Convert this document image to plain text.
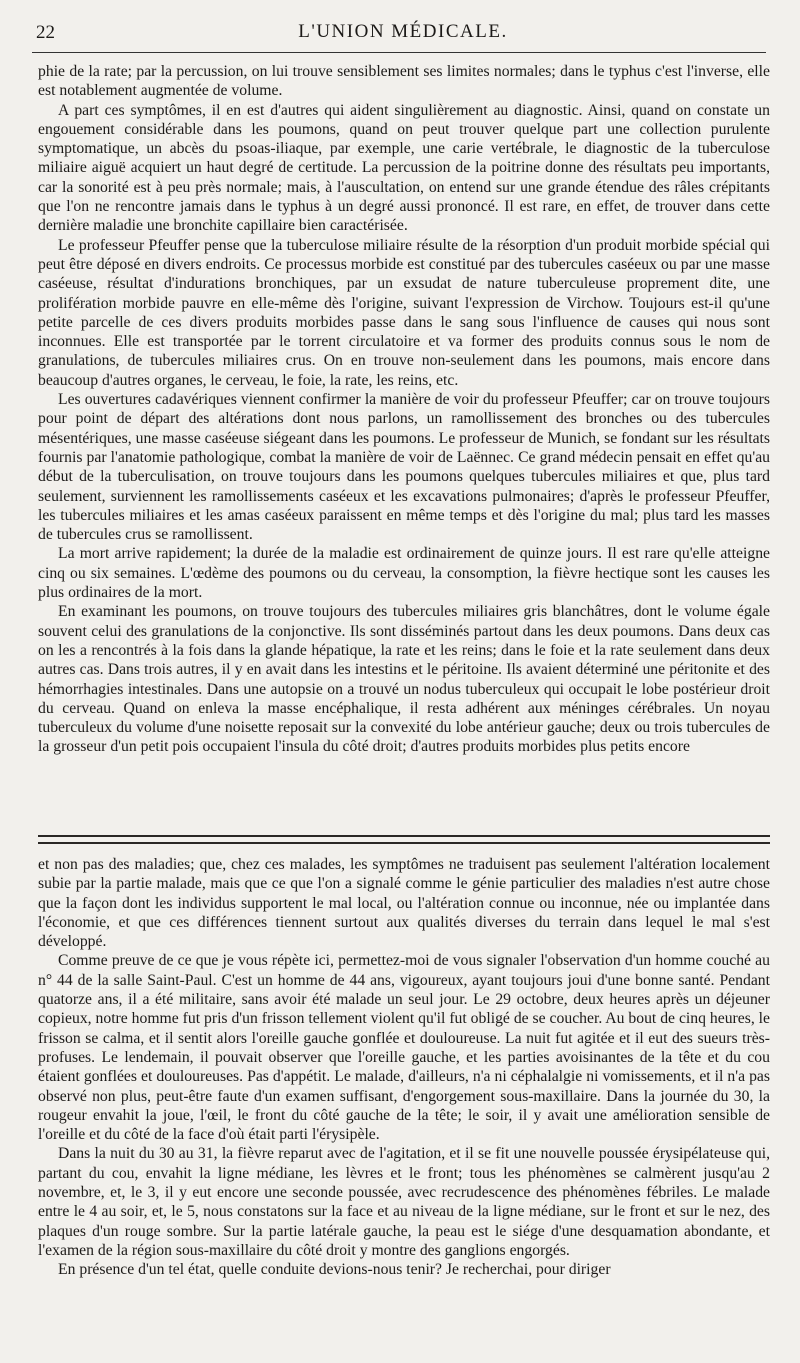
22	L'UNION MÉDICALE.

phie de la rate; par la percussion, on lui trouve sensiblement ses limites normales; dans le typhus c'est l'inverse, elle est notablement augmentée de volume.

A part ces symptômes, il en est d'autres qui aident singulièrement au diagnostic. Ainsi, quand on constate un engouement considérable dans les poumons, quand on peut trouver quelque part une collection purulente symptomatique, un abcès du psoas-iliaque, par exemple, une carie vertébrale, le diagnostic de la tuberculose miliaire aiguë acquiert un haut degré de certitude. La percussion de la poitrine donne des résultats peu importants, car la sonorité est à peu près normale; mais, à l'auscultation, on entend sur une grande étendue des râles crépitants que l'on ne rencontre jamais dans le typhus à un degré aussi prononcé. Il est rare, en effet, de trouver dans cette dernière maladie une bronchite capillaire bien caractérisée.

Le professeur Pfeuffer pense que la tuberculose miliaire résulte de la résorption d'un produit morbide spécial qui peut être déposé en divers endroits. Ce processus morbide est constitué par des tubercules caséeux ou par une masse caséeuse, résultat d'indurations bronchiques, par un exsudat de nature tuberculeuse proprement dite, une prolifération morbide pauvre en elle-même dès l'origine, suivant l'expression de Virchow. Toujours est-il qu'une petite parcelle de ces divers produits morbides passe dans le sang sous l'influence de causes qui nous sont inconnues. Elle est transportée par le torrent circulatoire et va former des produits connus sous le nom de granulations, de tubercules miliaires crus. On en trouve non-seulement dans les poumons, mais encore dans beaucoup d'autres organes, le cerveau, le foie, la rate, les reins, etc.

Les ouvertures cadavériques viennent confirmer la manière de voir du professeur Pfeuffer; car on trouve toujours pour point de départ des altérations dont nous parlons, un ramollissement des bronches ou des tubercules mésentériques, une masse caséeuse siégeant dans les poumons. Le professeur de Munich, se fondant sur les résultats fournis par l'anatomie pathologique, combat la manière de voir de Laënnec. Ce grand médecin pensait en effet qu'au début de la tuberculisation, on trouve toujours dans les poumons quelques tubercules miliaires et que, plus tard seulement, surviennent les ramollissements caséeux et les excavations pulmonaires; d'après le professeur Pfeuffer, les tubercules miliaires et les amas caséeux paraissent en même temps et dès l'origine du mal; plus tard les masses de tubercules crus se ramollissent.

La mort arrive rapidement; la durée de la maladie est ordinairement de quinze jours. Il est rare qu'elle atteigne cinq ou six semaines. L'œdème des poumons ou du cerveau, la consomption, la fièvre hectique sont les causes les plus ordinaires de la mort.

En examinant les poumons, on trouve toujours des tubercules miliaires gris blanchâtres, dont le volume égale souvent celui des granulations de la conjonctive. Ils sont disséminés partout dans les deux poumons. Dans deux cas on les a rencontrés à la fois dans la glande hépatique, la rate et les reins; dans le foie et la rate seulement dans deux autres cas. Dans trois autres, il y en avait dans les intestins et le péritoine. Ils avaient déterminé une péritonite et des hémorrhagies intestinales. Dans une autopsie on a trouvé un nodus tuberculeux qui occupait le lobe postérieur droit du cerveau. Quand on enleva la masse encéphalique, il resta adhérent aux méninges cérébrales. Un noyau tuberculeux du volume d'une noisette reposait sur la convexité du lobe antérieur gauche; deux ou trois tubercules de la grosseur d'un petit pois occupaient l'insula du côté droit; d'autres produits morbides plus petits encore

et non pas des maladies; que, chez ces malades, les symptômes ne traduisent pas seulement l'altération localement subie par la partie malade, mais que ce que l'on a signalé comme le génie particulier des maladies n'est autre chose que la façon dont les individus supportent le mal local, ou l'altération connue ou inconnue, née ou implantée dans l'économie, et que ces différences tiennent surtout aux qualités diverses du terrain dans lequel le mal s'est développé.

Comme preuve de ce que je vous répète ici, permettez-moi de vous signaler l'observation d'un homme couché au n° 44 de la salle Saint-Paul. C'est un homme de 44 ans, vigoureux, ayant toujours joui d'une bonne santé. Pendant quatorze ans, il a été militaire, sans avoir été malade un seul jour. Le 29 octobre, deux heures après un déjeuner copieux, notre homme fut pris d'un frisson tellement violent qu'il fut obligé de se coucher. Au bout de cinq heures, le frisson se calma, et il sentit alors l'oreille gauche gonflée et douloureuse. La nuit fut agitée et il eut des sueurs très-profuses. Le lendemain, il pouvait observer que l'oreille gauche, et les parties avoisinantes de la tête et du cou étaient gonflées et douloureuses. Pas d'appétit. Le malade, d'ailleurs, n'a ni céphalalgie ni vomissements, et il n'a pas observé non plus, peut-être faute d'un examen suffisant, d'engorgement sous-maxillaire. Dans la journée du 30, la rougeur envahit la joue, l'œil, le front du côté gauche de la tête; le soir, il y avait une amélioration sensible de l'oreille et du côté de la face d'où était parti l'érysipèle.

Dans la nuit du 30 au 31, la fièvre reparut avec de l'agitation, et il se fit une nouvelle poussée érysipélateuse qui, partant du cou, envahit la ligne médiane, les lèvres et le front; tous les phénomènes se calmèrent jusqu'au 2 novembre, et, le 3, il y eut encore une seconde poussée, avec recrudescence des phénomènes fébriles. Le malade entre le 4 au soir, et, le 5, nous constatons sur la face et au niveau de la ligne médiane, sur le front et sur le nez, des plaques d'un rouge sombre. Sur la partie latérale gauche, la peau est le siége d'une desquamation abondante, et l'examen de la région sous-maxillaire du côté droit y montre des ganglions engorgés.

En présence d'un tel état, quelle conduite devions-nous tenir? Je recherchai, pour diriger
